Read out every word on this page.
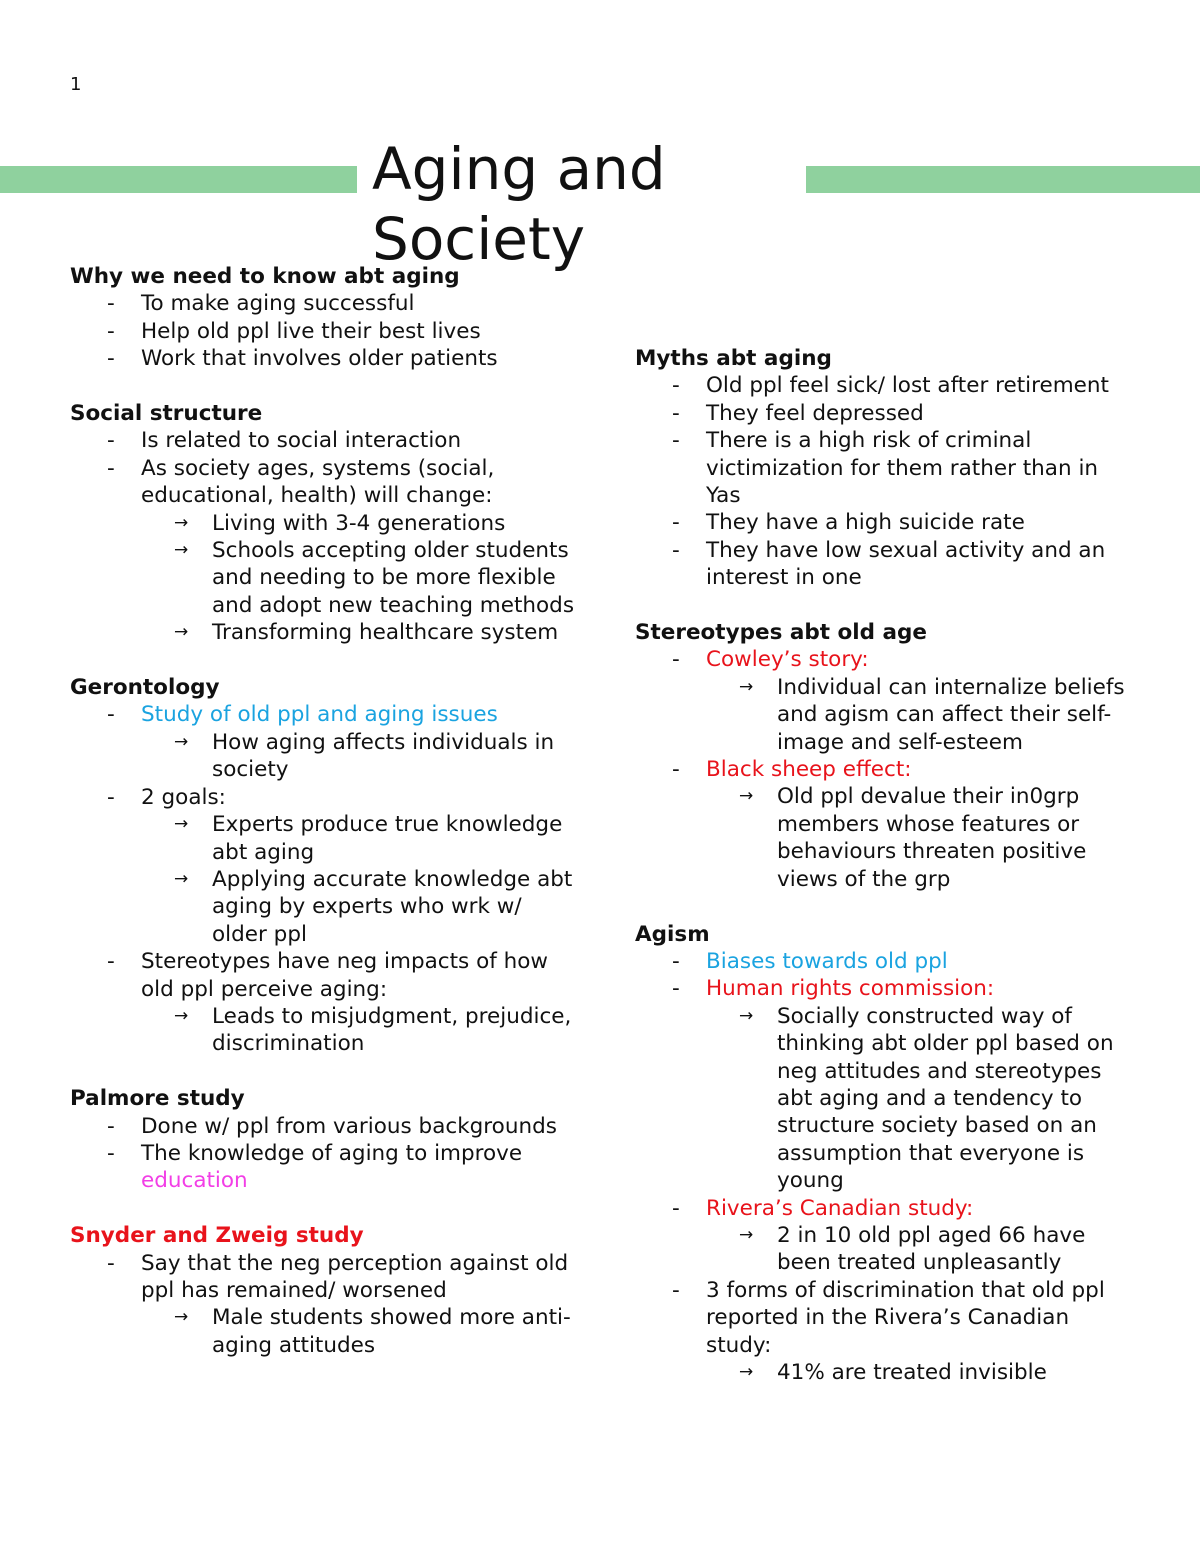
1
Aging and Society
Why we need to know abt aging
- To make aging successful
- Help old ppl live their best lives
- Work that involves older patients
Social structure
- Is related to social interaction
- As society ages, systems (social, educational, health) will change:
→ Living with 3-4 generations
→ Schools accepting older students and needing to be more flexible and adopt new teaching methods
→ Transforming healthcare system
Gerontology
- Study of old ppl and aging issues
→ How aging affects individuals in society
- 2 goals:
→ Experts produce true knowledge abt aging
→ Applying accurate knowledge abt aging by experts who wrk w/ older ppl
- Stereotypes have neg impacts of how old ppl perceive aging:
→ Leads to misjudgment, prejudice, discrimination
Palmore study
- Done w/ ppl from various backgrounds
- The knowledge of aging to improve education
Snyder and Zweig study
- Say that the neg perception against old ppl has remained/ worsened
→ Male students showed more anti-aging attitudes
Myths abt aging
- Old ppl feel sick/ lost after retirement
- They feel depressed
- There is a high risk of criminal victimization for them rather than in Yas
- They have a high suicide rate
- They have low sexual activity and an interest in one
Stereotypes abt old age
- Cowley’s story:
→ Individual can internalize beliefs and agism can affect their self-image and self-esteem
- Black sheep effect:
→ Old ppl devalue their in0grp members whose features or behaviours threaten positive views of the grp
Agism
- Biases towards old ppl
- Human rights commission:
→ Socially constructed way of thinking abt older ppl based on neg attitudes and stereotypes abt aging and a tendency to structure society based on an assumption that everyone is young
- Rivera’s Canadian study:
→ 2 in 10 old ppl aged 66 have been treated unpleasantly
- 3 forms of discrimination that old ppl reported in the Rivera’s Canadian study:
→ 41% are treated invisible
